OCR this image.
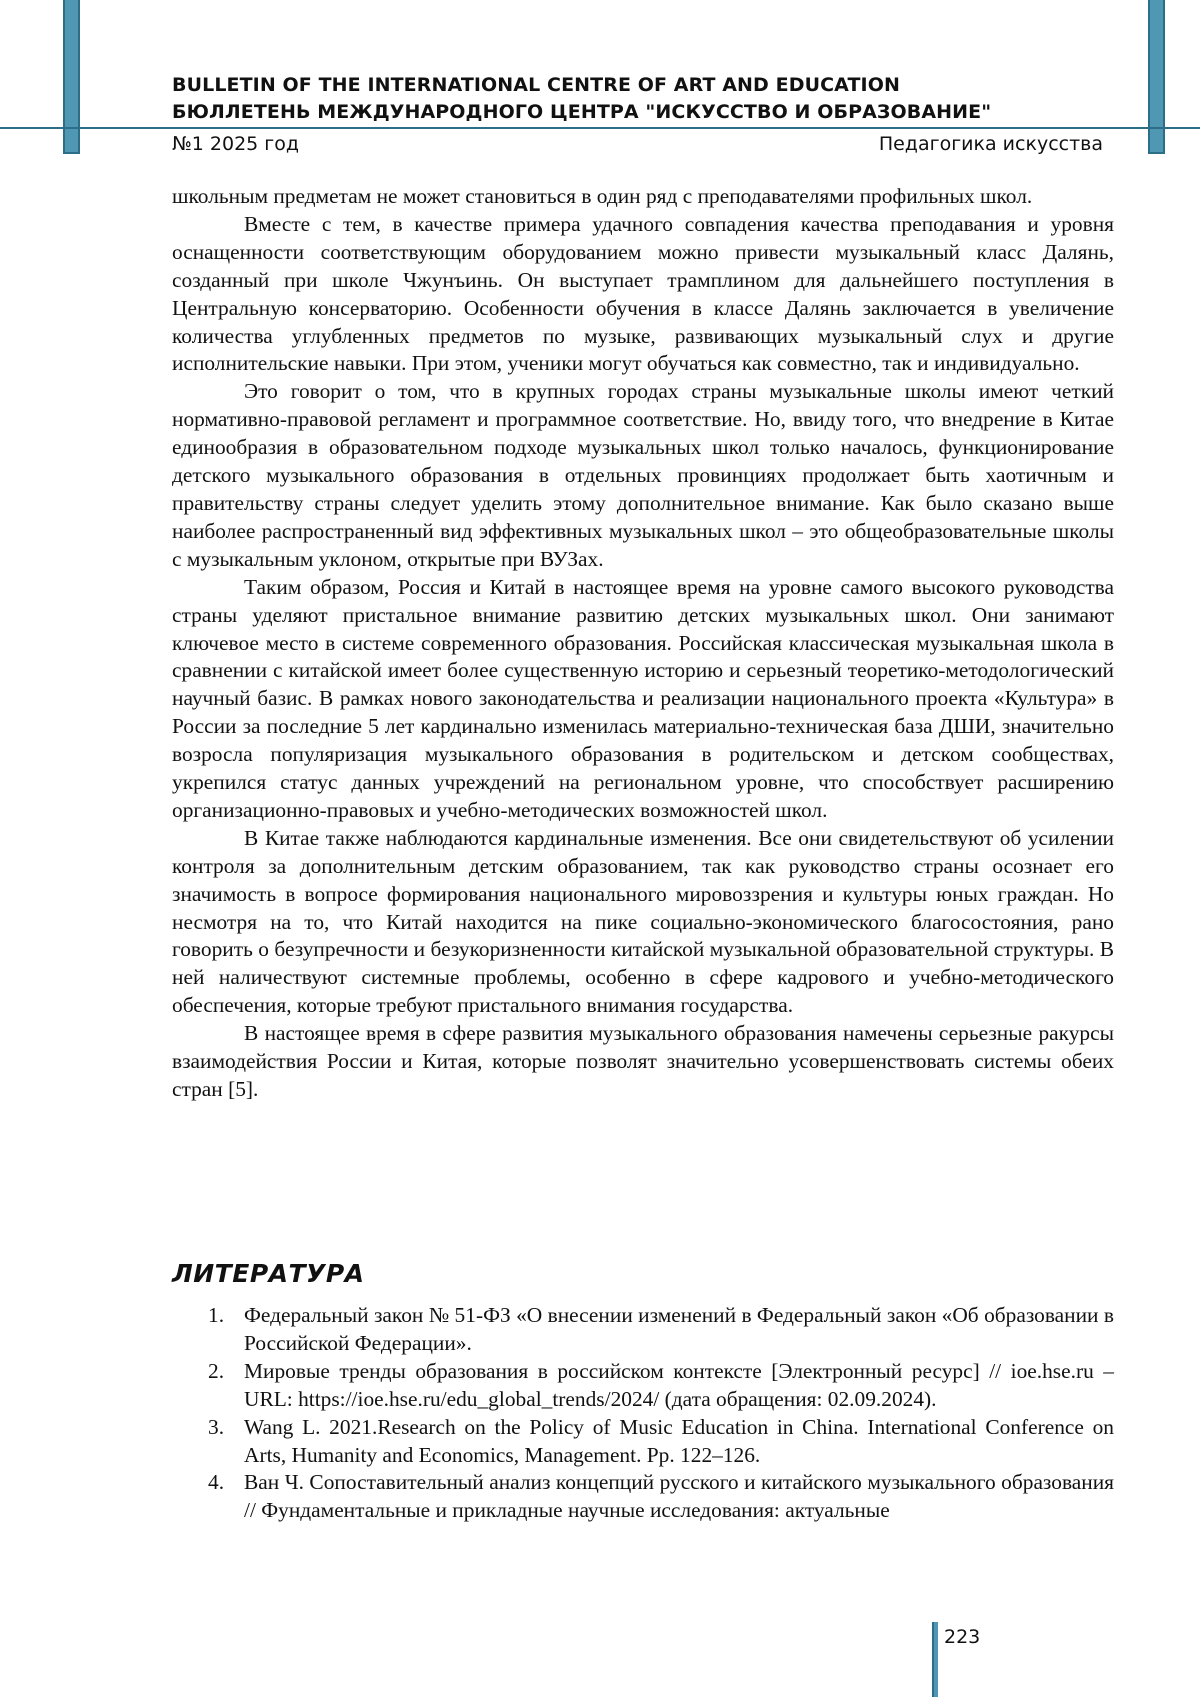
BULLETIN OF THE INTERNATIONAL CENTRE OF ART AND EDUCATION
БЮЛЛЕТЕНЬ МЕЖДУНАРОДНОГО ЦЕНТРА "ИСКУССТВО И ОБРАЗОВАНИЕ"
№1 2025 год	Педагогика искусства

школьным предметам не может становиться в один ряд с преподавателями профильных школ.

Вместе с тем, в качестве примера удачного совпадения качества преподавания и уровня оснащенности соответствующим оборудованием можно привести музыкальный класс Далянь, созданный при школе Чжунъинь. Он выступает трамплином для дальнейшего поступления в Центральную консерваторию. Особенности обучения в классе Далянь заключается в увеличение количества углубленных предметов по музыке, развивающих музыкальный слух и другие исполнительские навыки. При этом, ученики могут обучаться как совместно, так и индивидуально.

Это говорит о том, что в крупных городах страны музыкальные школы имеют четкий нормативно-правовой регламент и программное соответствие. Но, ввиду того, что внедрение в Китае единообразия в образовательном подходе музыкальных школ только началось, функционирование детского музыкального образования в отдельных провинциях продолжает быть хаотичным и правительству страны следует уделить этому дополнительное внимание. Как было сказано выше наиболее распространенный вид эффективных музыкальных школ – это общеобразовательные школы с музыкальным уклоном, открытые при ВУЗах.

Таким образом, Россия и Китай в настоящее время на уровне самого высокого руководства страны уделяют пристальное внимание развитию детских музыкальных школ. Они занимают ключевое место в системе современного образования. Российская классическая музыкальная школа в сравнении с китайской имеет более существенную историю и серьезный теоретико-методологический научный базис. В рамках нового законодательства и реализации национального проекта «Культура» в России за последние 5 лет кардинально изменилась материально-техническая база ДШИ, значительно возросла популяризация музыкального образования в родительском и детском сообществах, укрепился статус данных учреждений на региональном уровне, что способствует расширению организационно-правовых и учебно-методических возможностей школ.

В Китае также наблюдаются кардинальные изменения. Все они свидетельствуют об усилении контроля за дополнительным детским образованием, так как руководство страны осознает его значимость в вопросе формирования национального мировоззрения и культуры юных граждан. Но несмотря на то, что Китай находится на пике социально-экономического благосостояния, рано говорить о безупречности и безукоризненности китайской музыкальной образовательной структуры. В ней наличествуют системные проблемы, особенно в сфере кадрового и учебно-методического обеспечения, которые требуют пристального внимания государства.

В настоящее время в сфере развития музыкального образования намечены серьезные ракурсы взаимодействия России и Китая, которые позволят значительно усовершенствовать системы обеих стран [5].

ЛИТЕРАТУРА
1. Федеральный закон № 51-ФЗ «О внесении изменений в Федеральный закон «Об образовании в Российской Федерации».
2. Мировые тренды образования в российском контексте [Электронный ресурс] // ioe.hse.ru – URL: https://ioe.hse.ru/edu_global_trends/2024/ (дата обращения: 02.09.2024).
3. Wang L. 2021.Research on the Policy of Music Education in China. International Conference on Arts, Humanity and Economics, Management. Pp. 122–126.
4. Ван Ч. Сопоставительный анализ концепций русского и китайского музыкального образования // Фундаментальные и прикладные научные исследования: актуальные
223
